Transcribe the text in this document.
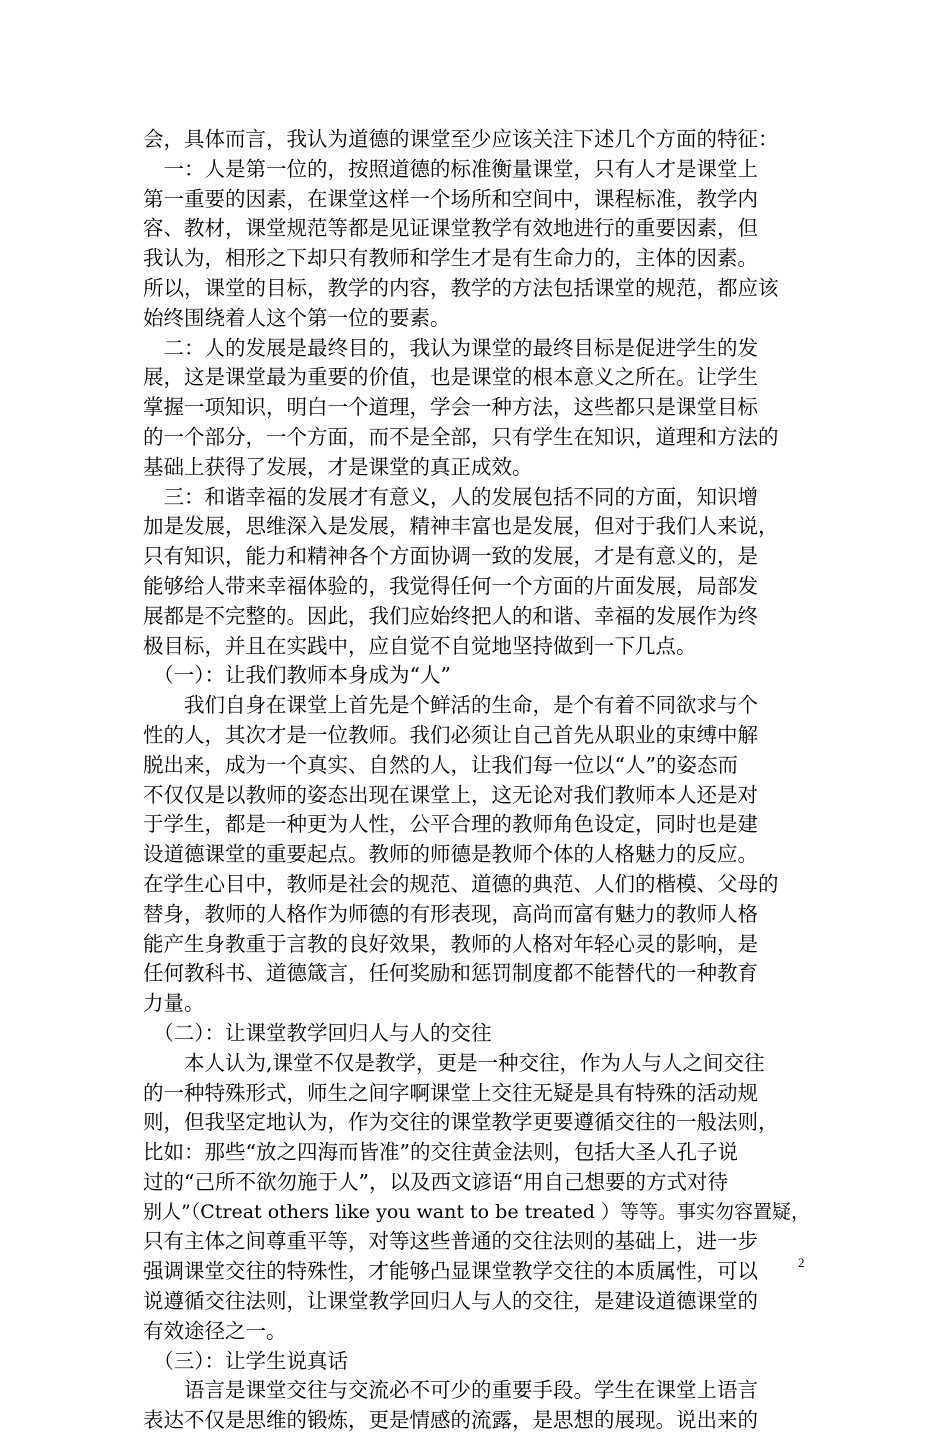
会，具体而言，我认为道德的课堂至少应该关注下述几个方面的特征：
　一：人是第一位的，按照道德的标准衡量课堂，只有人才是课堂上
第一重要的因素，在课堂这样一个场所和空间中，课程标准，教学内
容、教材，课堂规范等都是见证课堂教学有效地进行的重要因素，但
我认为，相形之下却只有教师和学生才是有生命力的，主体的因素。
所以，课堂的目标，教学的内容，教学的方法包括课堂的规范，都应该
始终围绕着人这个第一位的要素。
　二：人的发展是最终目的，我认为课堂的最终目标是促进学生的发
展，这是课堂最为重要的价值，也是课堂的根本意义之所在。让学生
掌握一项知识，明白一个道理，学会一种方法，这些都只是课堂目标
的一个部分，一个方面，而不是全部，只有学生在知识，道理和方法的
基础上获得了发展，才是课堂的真正成效。
　三：和谐幸福的发展才有意义，人的发展包括不同的方面，知识增
加是发展，思维深入是发展，精神丰富也是发展，但对于我们人来说，
只有知识，能力和精神各个方面协调一致的发展，才是有意义的，是
能够给人带来幸福体验的，我觉得任何一个方面的片面发展，局部发
展都是不完整的。因此，我们应始终把人的和谐、幸福的发展作为终
极目标，并且在实践中，应自觉不自觉地坚持做到一下几点。
　（一）：让我们教师本身成为“人”
　　我们自身在课堂上首先是个鲜活的生命，是个有着不同欲求与个
性的人，其次才是一位教师。我们必须让自己首先从职业的束缚中解
脱出来，成为一个真实、自然的人，让我们每一位以“人”的姿态而
不仅仅是以教师的姿态出现在课堂上，这无论对我们教师本人还是对
于学生，都是一种更为人性，公平合理的教师角色设定，同时也是建
设道德课堂的重要起点。教师的师德是教师个体的人格魅力的反应。
在学生心目中，教师是社会的规范、道德的典范、人们的楷模、父母的
替身，教师的人格作为师德的有形表现，高尚而富有魅力的教师人格
能产生身教重于言教的良好效果，教师的人格对年轻心灵的影响，是
任何教科书、道德箴言，任何奖励和惩罚制度都不能替代的一种教育
力量。
　（二）：让课堂教学回归人与人的交往
　　本人认为,课堂不仅是教学，更是一种交往，作为人与人之间交往
的一种特殊形式，师生之间字啊课堂上交往无疑是具有特殊的活动规
则，但我坚定地认为，作为交往的课堂教学更要遵循交往的一般法则，
比如：那些“放之四海而皆准”的交往黄金法则，包括大圣人孔子说
过的“己所不欲勿施于人”，以及西文谚语“用自己想要的方式对待
别人”（Ctreat others like you want to be treated ）等等。事实勿容置疑，
只有主体之间尊重平等，对等这些普通的交往法则的基础上，进一步
强调课堂交往的特殊性，才能够凸显课堂教学交往的本质属性，可以
说遵循交往法则，让课堂教学回归人与人的交往，是建设道德课堂的
有效途径之一。
　（三）：让学生说真话
　　语言是课堂交往与交流必不可少的重要手段。学生在课堂上语言
表达不仅是思维的锻炼，更是情感的流露，是思想的展现。说出来的
2
